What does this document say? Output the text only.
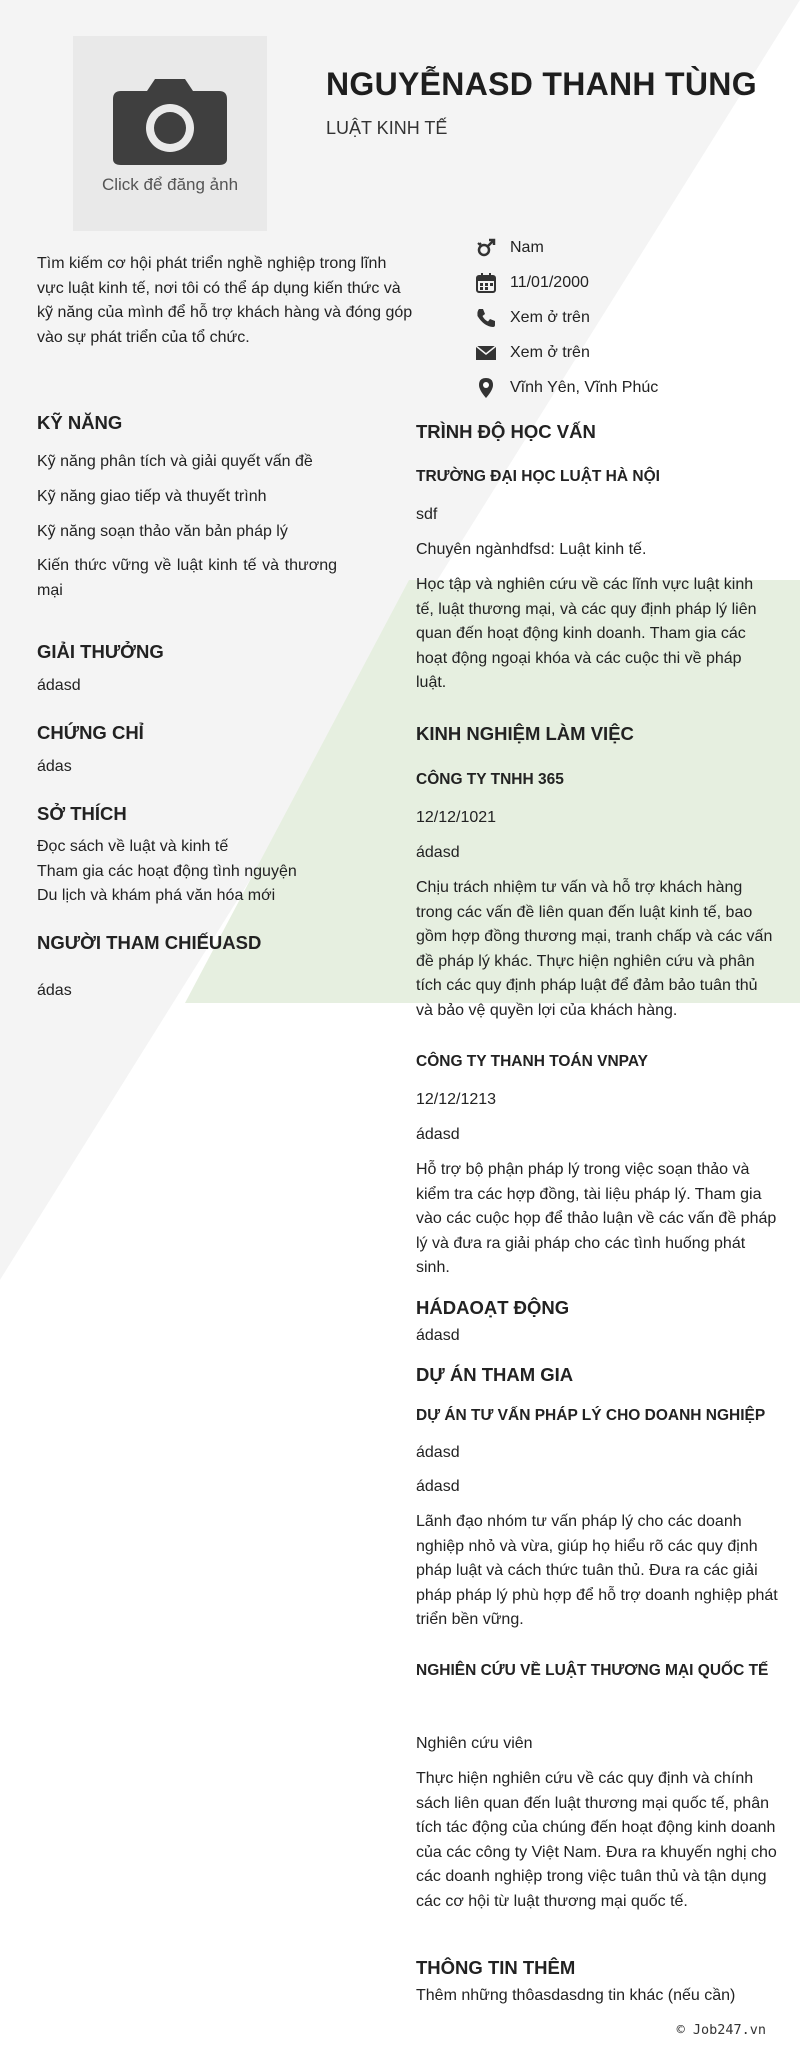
Click để đăng ảnh
NGUYỄNASD THANH TÙNG
LUẬT KINH TẾ
Tìm kiếm cơ hội phát triển nghề nghiệp trong lĩnh vực luật kinh tế, nơi tôi có thể áp dụng kiến thức và kỹ năng của mình để hỗ trợ khách hàng và đóng góp vào sự phát triển của tổ chức.
Nam
11/01/2000
Xem ở trên
Xem ở trên
Vĩnh Yên, Vĩnh Phúc
KỸ NĂNG
Kỹ năng phân tích và giải quyết vấn đề
Kỹ năng giao tiếp và thuyết trình
Kỹ năng soạn thảo văn bản pháp lý
Kiến thức vững về luật kinh tế và thương mại
GIẢI THƯỞNG
ádasd
CHỨNG CHỈ
ádas
SỞ THÍCH
Đọc sách về luật và kinh tế
Tham gia các hoạt động tình nguyện
Du lịch và khám phá văn hóa mới
NGƯỜI THAM CHIẾUASD
ádas
TRÌNH ĐỘ HỌC VẤN
TRƯỜNG ĐẠI HỌC LUẬT HÀ NỘI
sdf
Chuyên ngànhdfsd: Luật kinh tế.
Học tập và nghiên cứu về các lĩnh vực luật kinh tế, luật thương mại, và các quy định pháp lý liên quan đến hoạt động kinh doanh. Tham gia các hoạt động ngoại khóa và các cuộc thi về pháp luật.
KINH NGHIỆM LÀM VIỆC
CÔNG TY TNHH 365
12/12/1021
ádasd
Chịu trách nhiệm tư vấn và hỗ trợ khách hàng trong các vấn đề liên quan đến luật kinh tế, bao gồm hợp đồng thương mại, tranh chấp và các vấn đề pháp lý khác. Thực hiện nghiên cứu và phân tích các quy định pháp luật để đảm bảo tuân thủ và bảo vệ quyền lợi của khách hàng.
CÔNG TY THANH TOÁN VNPAY
12/12/1213
ádasd
Hỗ trợ bộ phận pháp lý trong việc soạn thảo và kiểm tra các hợp đồng, tài liệu pháp lý. Tham gia vào các cuộc họp để thảo luận về các vấn đề pháp lý và đưa ra giải pháp cho các tình huống phát sinh.
HÁDAOẠT ĐỘNG
ádasd
DỰ ÁN THAM GIA
DỰ ÁN TƯ VẤN PHÁP LÝ CHO DOANH NGHIỆP
ádasd
ádasd
Lãnh đạo nhóm tư vấn pháp lý cho các doanh nghiệp nhỏ và vừa, giúp họ hiểu rõ các quy định pháp luật và cách thức tuân thủ. Đưa ra các giải pháp pháp lý phù hợp để hỗ trợ doanh nghiệp phát triển bền vững.
NGHIÊN CỨU VỀ LUẬT THƯƠNG MẠI QUỐC TẾ
Nghiên cứu viên
Thực hiện nghiên cứu về các quy định và chính sách liên quan đến luật thương mại quốc tế, phân tích tác động của chúng đến hoạt động kinh doanh của các công ty Việt Nam. Đưa ra khuyến nghị cho các doanh nghiệp trong việc tuân thủ và tận dụng các cơ hội từ luật thương mại quốc tế.
THÔNG TIN THÊM
Thêm những thôasdasdng tin khác (nếu cần)
© Job247.vn
